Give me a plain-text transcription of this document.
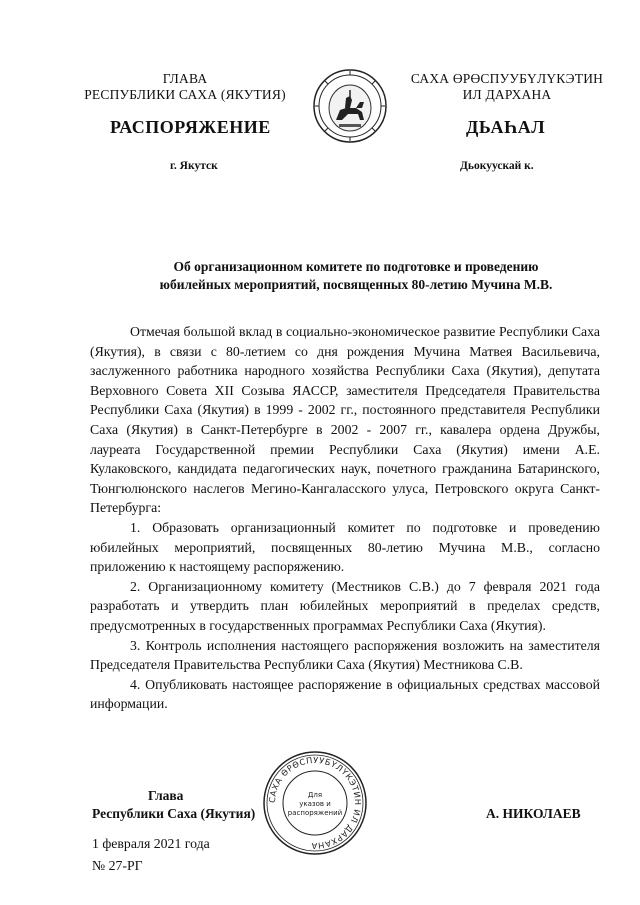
ГЛАВА
РЕСПУБЛИКИ САХА (ЯКУТИЯ)
САХА ӨРӨСПУУБҮЛҮКЭТИН
ИЛ ДАРХАНА
РАСПОРЯЖЕНИЕ	ДЬАҺАЛ
г. Якутск	Дьокуускай к.
Об организационном комитете по подготовке и проведению
юбилейных мероприятий, посвященных 80-летию Мучина М.В.

Отмечая большой вклад в социально-экономическое развитие Республики Саха (Якутия), в связи с 80-летием со дня рождения Мучина Матвея Васильевича, заслуженного работника народного хозяйства Республики Саха (Якутия), депутата Верховного Совета XII Созыва ЯАССР, заместителя Председателя Правительства Республики Саха (Якутия) в 1999 - 2002 гг., постоянного представителя Республики Саха (Якутия) в Санкт-Петербурге в 2002 - 2007 гг., кавалера ордена Дружбы, лауреата Государственной премии Республики Саха (Якутия) имени А.Е. Кулаковского, кандидата педагогических наук, почетного гражданина Батаринского, Тюнгюлюнского наслегов Мегино-Кангаласского улуса, Петровского округа Санкт-Петербурга:

1. Образовать организационный комитет по подготовке и проведению юбилейных мероприятий, посвященных 80-летию Мучина М.В., согласно приложению к настоящему распоряжению.

2. Организационному комитету (Местников С.В.) до 7 февраля 2021 года разработать и утвердить план юбилейных мероприятий в пределах средств, предусмотренных в государственных программах Республики Саха (Якутия).

3. Контроль исполнения настоящего распоряжения возложить на заместителя Председателя Правительства Республики Саха (Якутия) Местникова С.В.

4. Опубликовать настоящее распоряжение в официальных средствах массовой информации.

Глава
Республики Саха (Якутия)	А. НИКОЛАЕВ
САХА ӨРӨСПУУБҮЛҮКЭТИН ИЛ ДАРХАНА
Для
указов и
распоряжений
1 февраля 2021 года
№ 27-РГ
